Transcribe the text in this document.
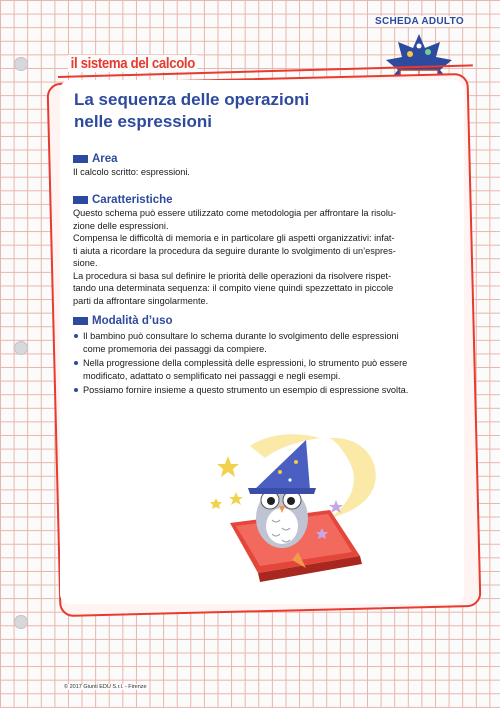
SCHEDA ADULTO
il sistema del calcolo
La sequenza delle operazioni
nelle espressioni
Area
Il calcolo scritto: espressioni.
Caratteristiche
Questo schema può essere utilizzato come metodologia per affrontare la risolu-
zione delle espressioni.
Compensa le difficoltà di memoria e in particolare gli aspetti organizzativi: infat-
ti aiuta a ricordare la procedura da seguire durante lo svolgimento di un’espres-
sione.
La procedura si basa sul definire le priorità delle operazioni da risolvere rispet-
tando una determinata sequenza: il compito viene quindi spezzettato in piccole
parti da affrontare singolarmente.
Modalità d’uso
Il bambino può consultare lo schema durante lo svolgimento delle espressioni
come promemoria dei passaggi da compiere.
Nella progressione della complessità delle espressioni, lo strumento può essere
modificato, adattato o semplificato nei passaggi e negli esempi.
Possiamo fornire insieme a questo strumento un esempio di espressione svolta.
© 2017 Giunti EDU S.r.l. - Firenze
